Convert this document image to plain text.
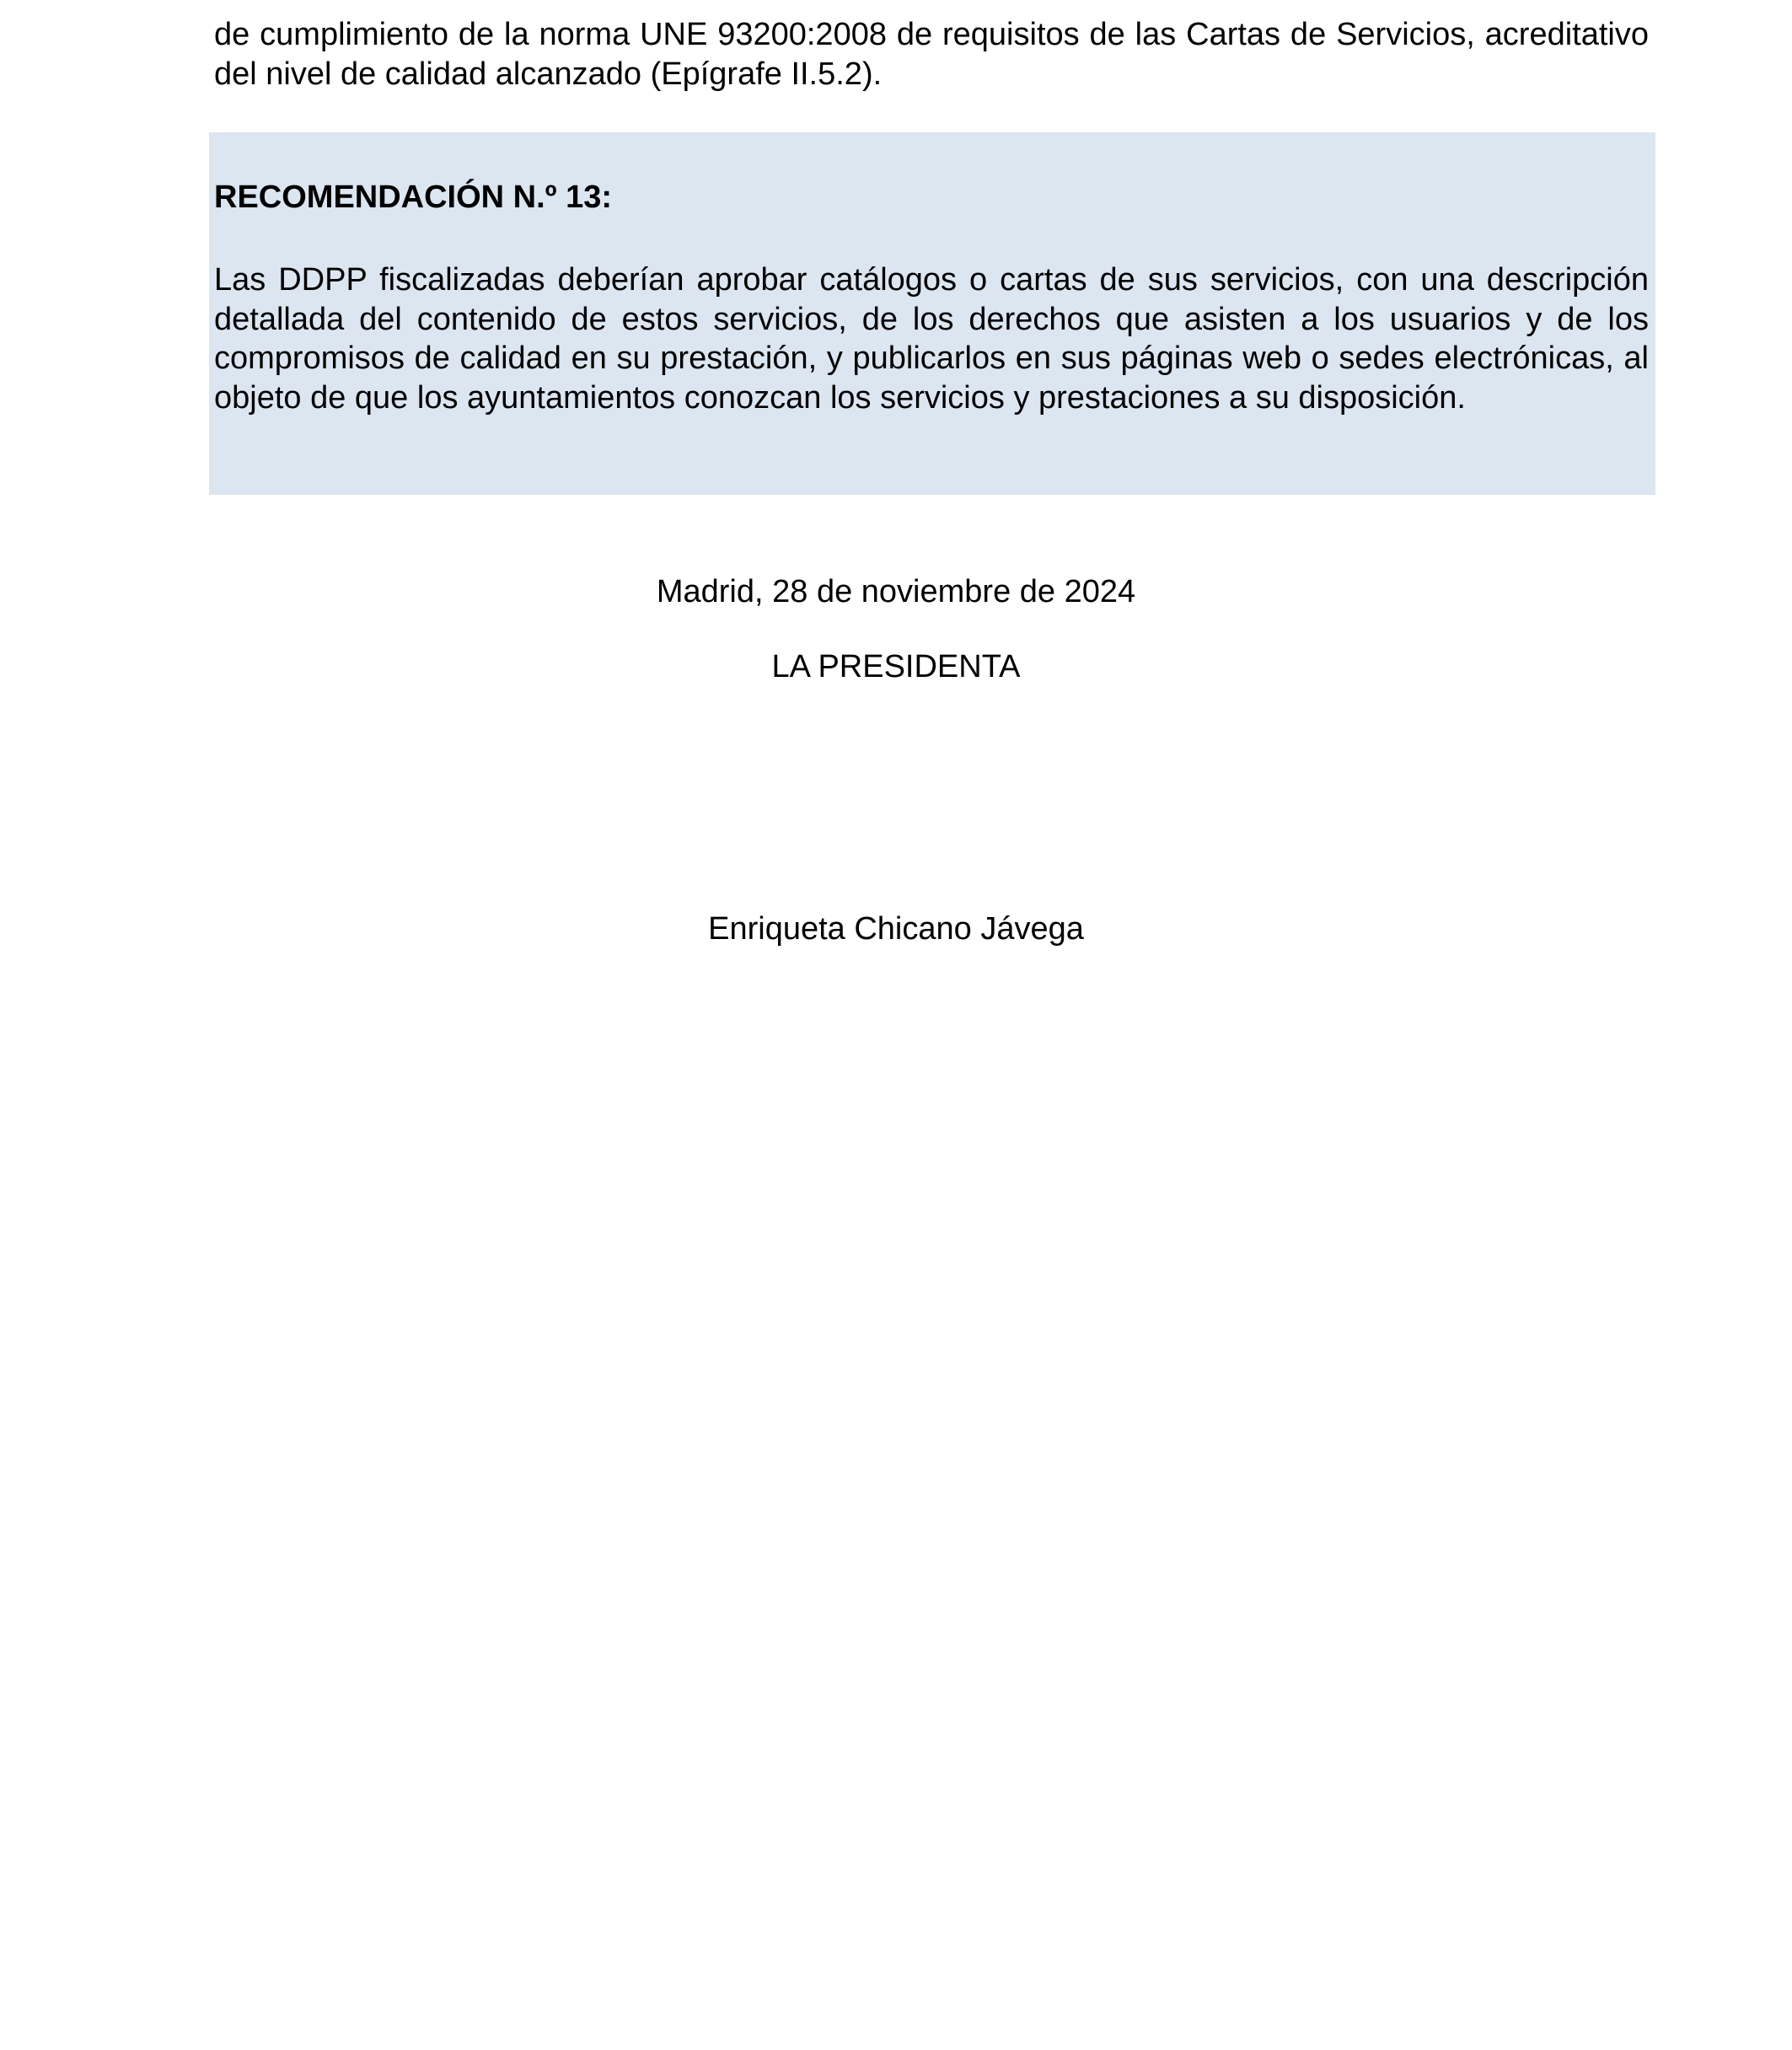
de cumplimiento de la norma UNE 93200:2008 de requisitos de las Cartas de Servicios, acreditativo del nivel de calidad alcanzado (Epígrafe II.5.2).

RECOMENDACIÓN N.º 13:

Las DDPP fiscalizadas deberían aprobar catálogos o cartas de sus servicios, con una descripción detallada del contenido de estos servicios, de los derechos que asisten a los usuarios y de los compromisos de calidad en su prestación, y publicarlos en sus páginas web o sedes electrónicas, al objeto de que los ayuntamientos conozcan los servicios y prestaciones a su disposición.

Madrid, 28 de noviembre de 2024

LA PRESIDENTA

Enriqueta Chicano Jávega
